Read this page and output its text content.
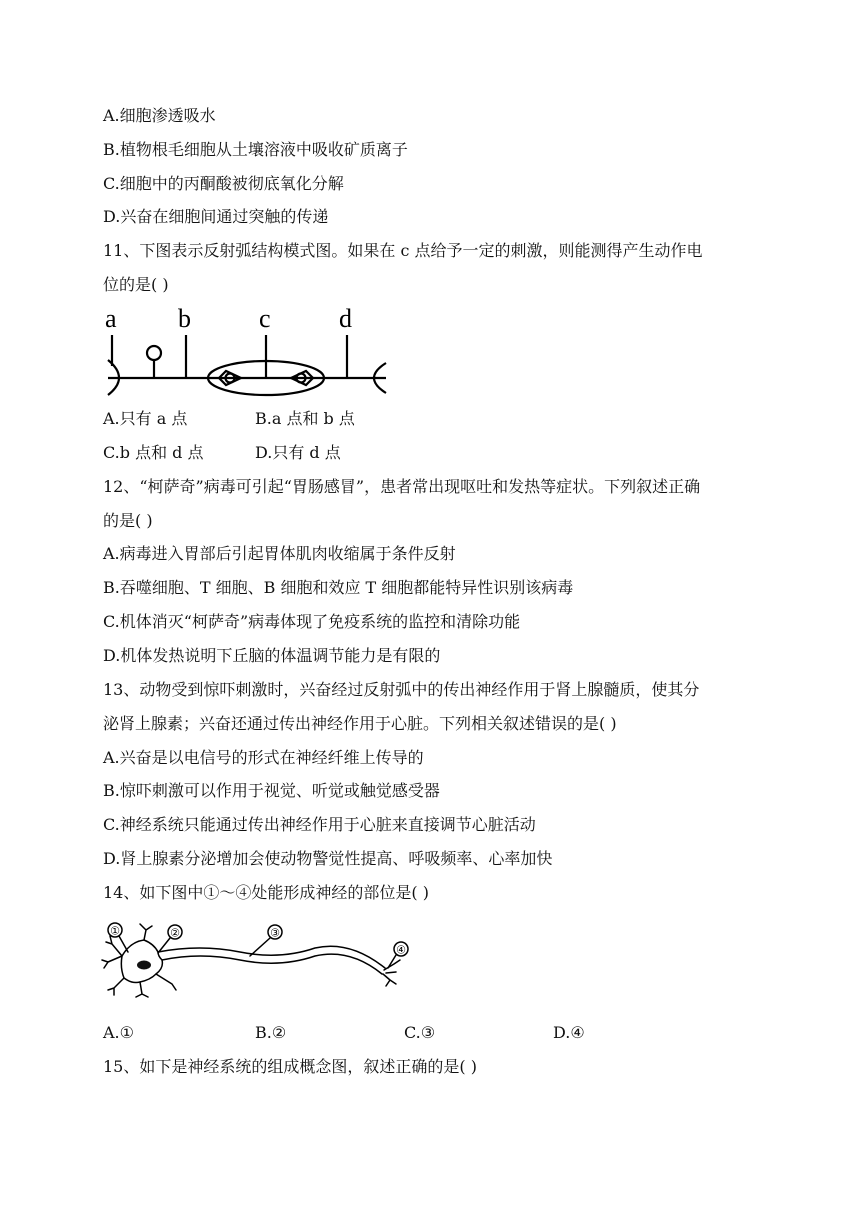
A.细胞渗透吸水
B.植物根毛细胞从土壤溶液中吸收矿质离子
C.细胞中的丙酮酸被彻底氧化分解
D.兴奋在细胞间通过突触的传递
11、下图表示反射弧结构模式图。如果在 c 点给予一定的刺激，则能测得产生动作电
位的是( )
a b	c	d
A.只有 a 点	B.a 点和 b 点
C.b 点和 d 点	D.只有 d 点
12、“柯萨奇”病毒可引起“胃肠感冒”，患者常出现呕吐和发热等症状。下列叙述正确
的是( )
A.病毒进入胃部后引起胃体肌肉收缩属于条件反射
B.吞噬细胞、T 细胞、B 细胞和效应 T 细胞都能特异性识别该病毒
C.机体消灭“柯萨奇”病毒体现了免疫系统的监控和清除功能
D.机体发热说明下丘脑的体温调节能力是有限的
13、动物受到惊吓刺激时，兴奋经过反射弧中的传出神经作用于肾上腺髓质，使其分
泌肾上腺素；兴奋还通过传出神经作用于心脏。下列相关叙述错误的是( )
A.兴奋是以电信号的形式在神经纤维上传导的
B.惊吓刺激可以作用于视觉、听觉或触觉感受器
C.神经系统只能通过传出神经作用于心脏来直接调节心脏活动
D.肾上腺素分泌增加会使动物警觉性提高、呼吸频率、心率加快
14、如下图中①～④处能形成神经的部位是( )
①	②	③
④
A.①	B.②	C.③	D.④
15、如下是神经系统的组成概念图，叙述正确的是( )
